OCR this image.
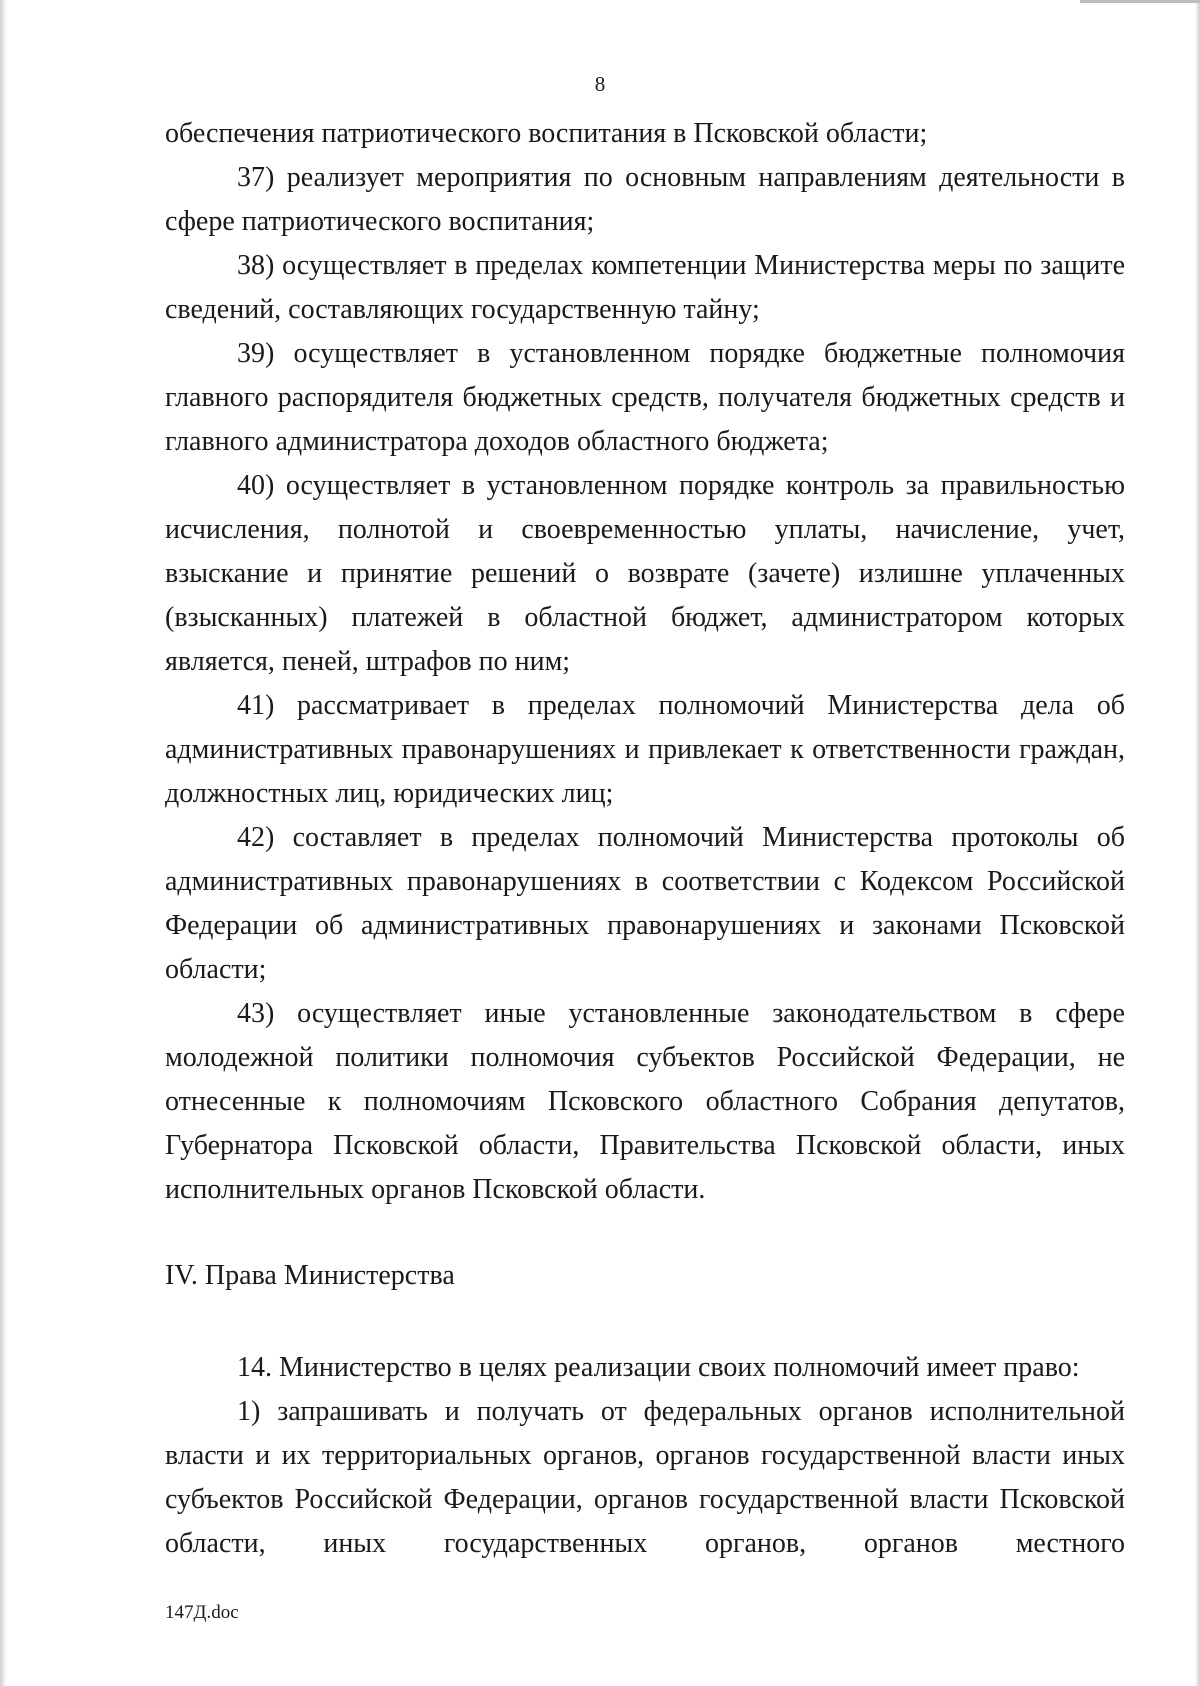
8

обеспечения патриотического воспитания в Псковской области;

37) реализует мероприятия по основным направлениям деятельности в сфере патриотического воспитания;

38) осуществляет в пределах компетенции Министерства меры по защите сведений, составляющих государственную тайну;

39) осуществляет в установленном порядке бюджетные полномочия главного распорядителя бюджетных средств, получателя бюджетных средств и главного администратора доходов областного бюджета;

40) осуществляет в установленном порядке контроль за правильностью исчисления, полнотой и своевременностью уплаты, начисление, учет, взыскание и принятие решений о возврате (зачете) излишне уплаченных (взысканных) платежей в областной бюджет, администратором которых является, пеней, штрафов по ним;

41) рассматривает в пределах полномочий Министерства дела об административных правонарушениях и привлекает к ответственности граждан, должностных лиц, юридических лиц;

42) составляет в пределах полномочий Министерства протоколы об административных правонарушениях в соответствии с Кодексом Российской Федерации об административных правонарушениях и законами Псковской области;

43) осуществляет иные установленные законодательством в сфере молодежной политики полномочия субъектов Российской Федерации, не отнесенные к полномочиям Псковского областного Собрания депутатов, Губернатора Псковской области, Правительства Псковской области, иных исполнительных органов Псковской области.

IV. Права Министерства

14. Министерство в целях реализации своих полномочий имеет право:

1) запрашивать и получать от федеральных органов исполнительной власти и их территориальных органов, органов государственной власти иных субъектов Российской Федерации, органов государственной власти Псковской области, иных государственных органов, органов местного

147Д.doc
